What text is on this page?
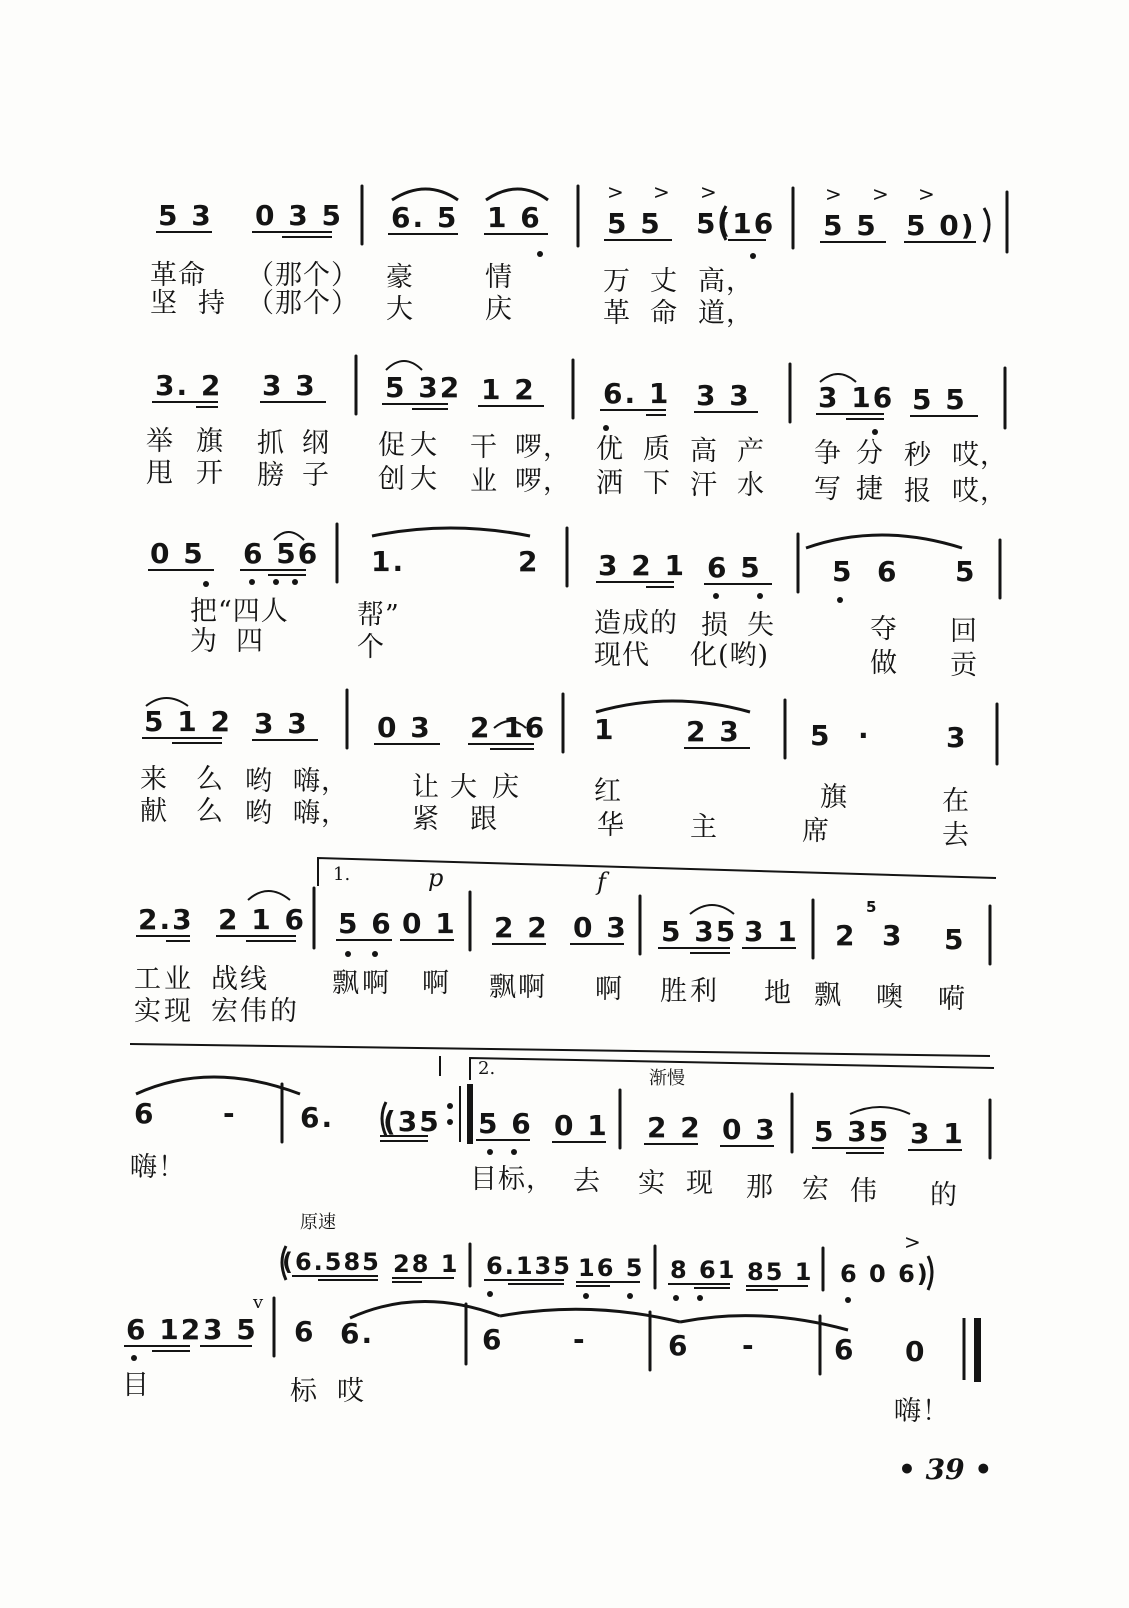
5 3 0 3 5 6. 5 1 6 5 5 5(16 5 5 5 0)
> > >	> > >
革命 （那个） 豪	情	万 丈 高，
坚 持 （那个） 大	庆	革 命 道，
3. 2 3 3 5 32 1 2 6. 1 3 3 3 16 5 5
举 旗 抓 纲 促 大 干 啰， 优 质 高 产 争 分 秒 哎，
甩 开 膀 子 创 大 业 啰， 洒 下 汗 水 写 捷 报 哎，
0 5 6 56 1.	2 3 2 1 6 5	5 6 5
把“四人	帮”	造成的 损 失	夺 回
为 四	个	现代 化(哟)	做 贡
5 1 2 3 3 0 3 2 16 1	2 3 5 ·	3
来 么 哟 嗨， 让 大 庆	红	旗	在
献 么 哟 嗨， 紧 跟	华 主	席	去
1.	p	f
2.3 2 1 6 5 6 0 1 2 2 0 3 5 35 3 1 2
5
3 5
工 业 战 线 飘 啊 啊 飘 啊 啊 胜 利 地 飘 噢 嗬
实 现 宏 伟 的
2.	渐慢
6 - 6. (35 5 6 0 1 2 2 0 3 5 35 3 1
嗨！	目标， 去 实 现 那 宏 伟 的
原速
>
(6.585 28 1 6.135 16 5 8 61 85 1 6 0 6)
v
6 12 3 5 6 6.	6 -	6 -	6 0
目	标 哎
嗨！
• 39 •
